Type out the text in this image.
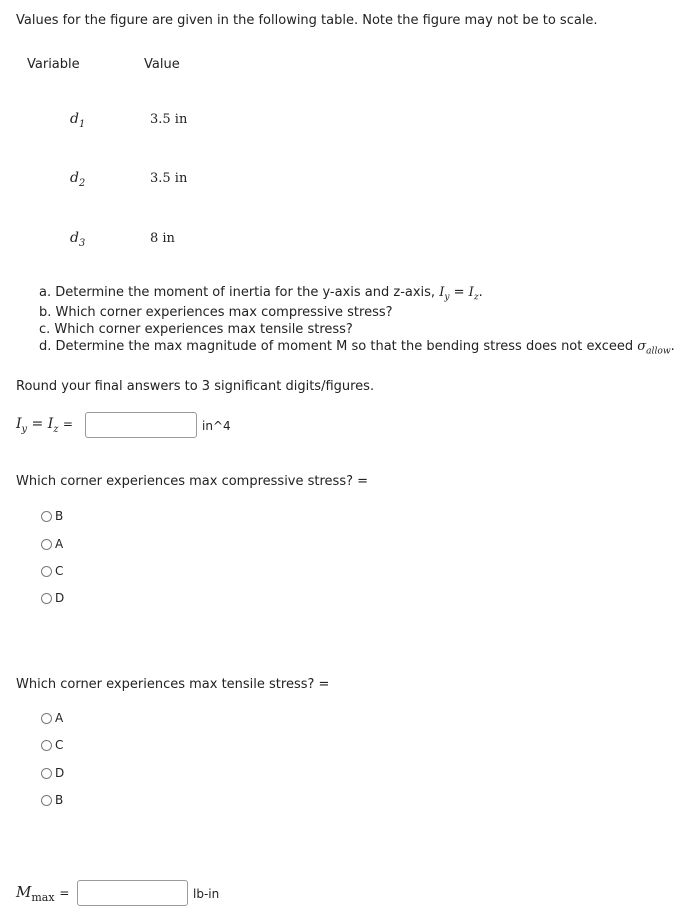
Values for the figure are given in the following table. Note the figure may not be to scale.
Variable	Value
$d_1$	3.5 in
$d_2$	3.5 in
$d_3$	8 in
a. Determine the moment of inertia for the y-axis and z-axis, $I_y = I_z$.
b. Which corner experiences max compressive stress?
c. Which corner experiences max tensile stress?
d. Determine the max magnitude of moment M so that the bending stress does not exceed $\sigma_{allow}$.
Round your final answers to 3 significant digits/figures.
$I_y = I_z$ =	in^4
Which corner experiences max compressive stress? =
B
A
C
D
Which corner experiences max tensile stress? =
A
C
D
B
$M_{max}$ =	lb-in
